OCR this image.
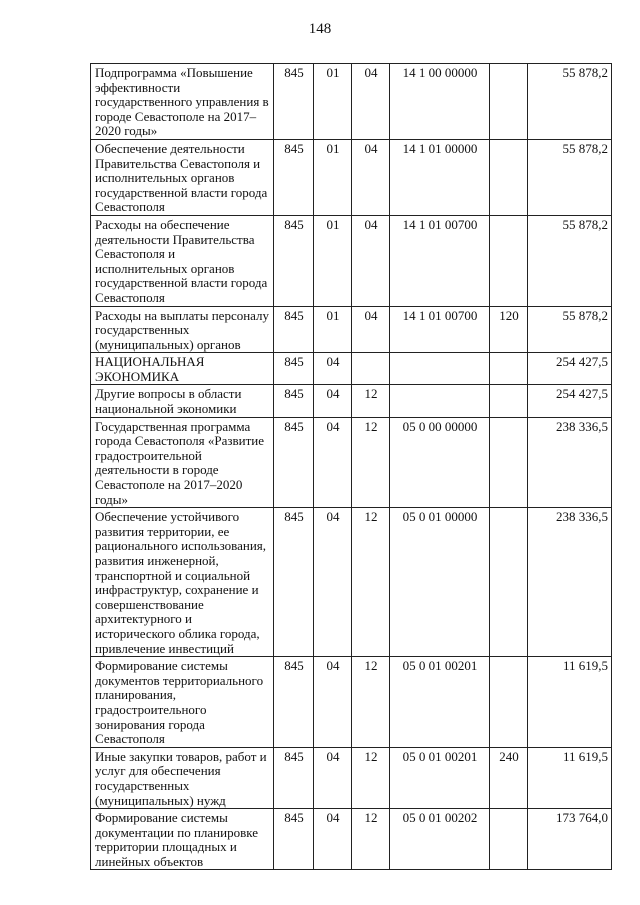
148
Подпрограмма «Повышение эффективности государственного управления в городе Севастополе на 2017–2020 годы»	845	01	04	14 1 00 00000		55 878,2
Обеспечение деятельности Правительства Севастополя и исполнительных органов государственной власти города Севастополя	845	01	04	14 1 01 00000		55 878,2
Расходы на обеспечение деятельности Правительства Севастополя и исполнительных органов государственной власти города Севастополя	845	01	04	14 1 01 00700		55 878,2
Расходы на выплаты персоналу государственных (муниципальных) органов	845	01	04	14 1 01 00700	120	55 878,2
НАЦИОНАЛЬНАЯ ЭКОНОМИКА	845	04				254 427,5
Другие вопросы в области национальной экономики	845	04	12			254 427,5
Государственная программа города Севастополя «Развитие градостроительной деятельности в городе Севастополе на 2017–2020 годы»	845	04	12	05 0 00 00000		238 336,5
Обеспечение устойчивого развития территории, ее рационального использования, развития инженерной, транспортной и социальной инфраструктур, сохранение и совершенствование архитектурного и исторического облика города, привлечение инвестиций	845	04	12	05 0 01 00000		238 336,5
Формирование системы документов территориального планирования, градостроительного зонирования города Севастополя	845	04	12	05 0 01 00201		11 619,5
Иные закупки товаров, работ и услуг для обеспечения государственных (муниципальных) нужд	845	04	12	05 0 01 00201	240	11 619,5
Формирование системы документации по планировке территории площадных и линейных объектов	845	04	12	05 0 01 00202		173 764,0
